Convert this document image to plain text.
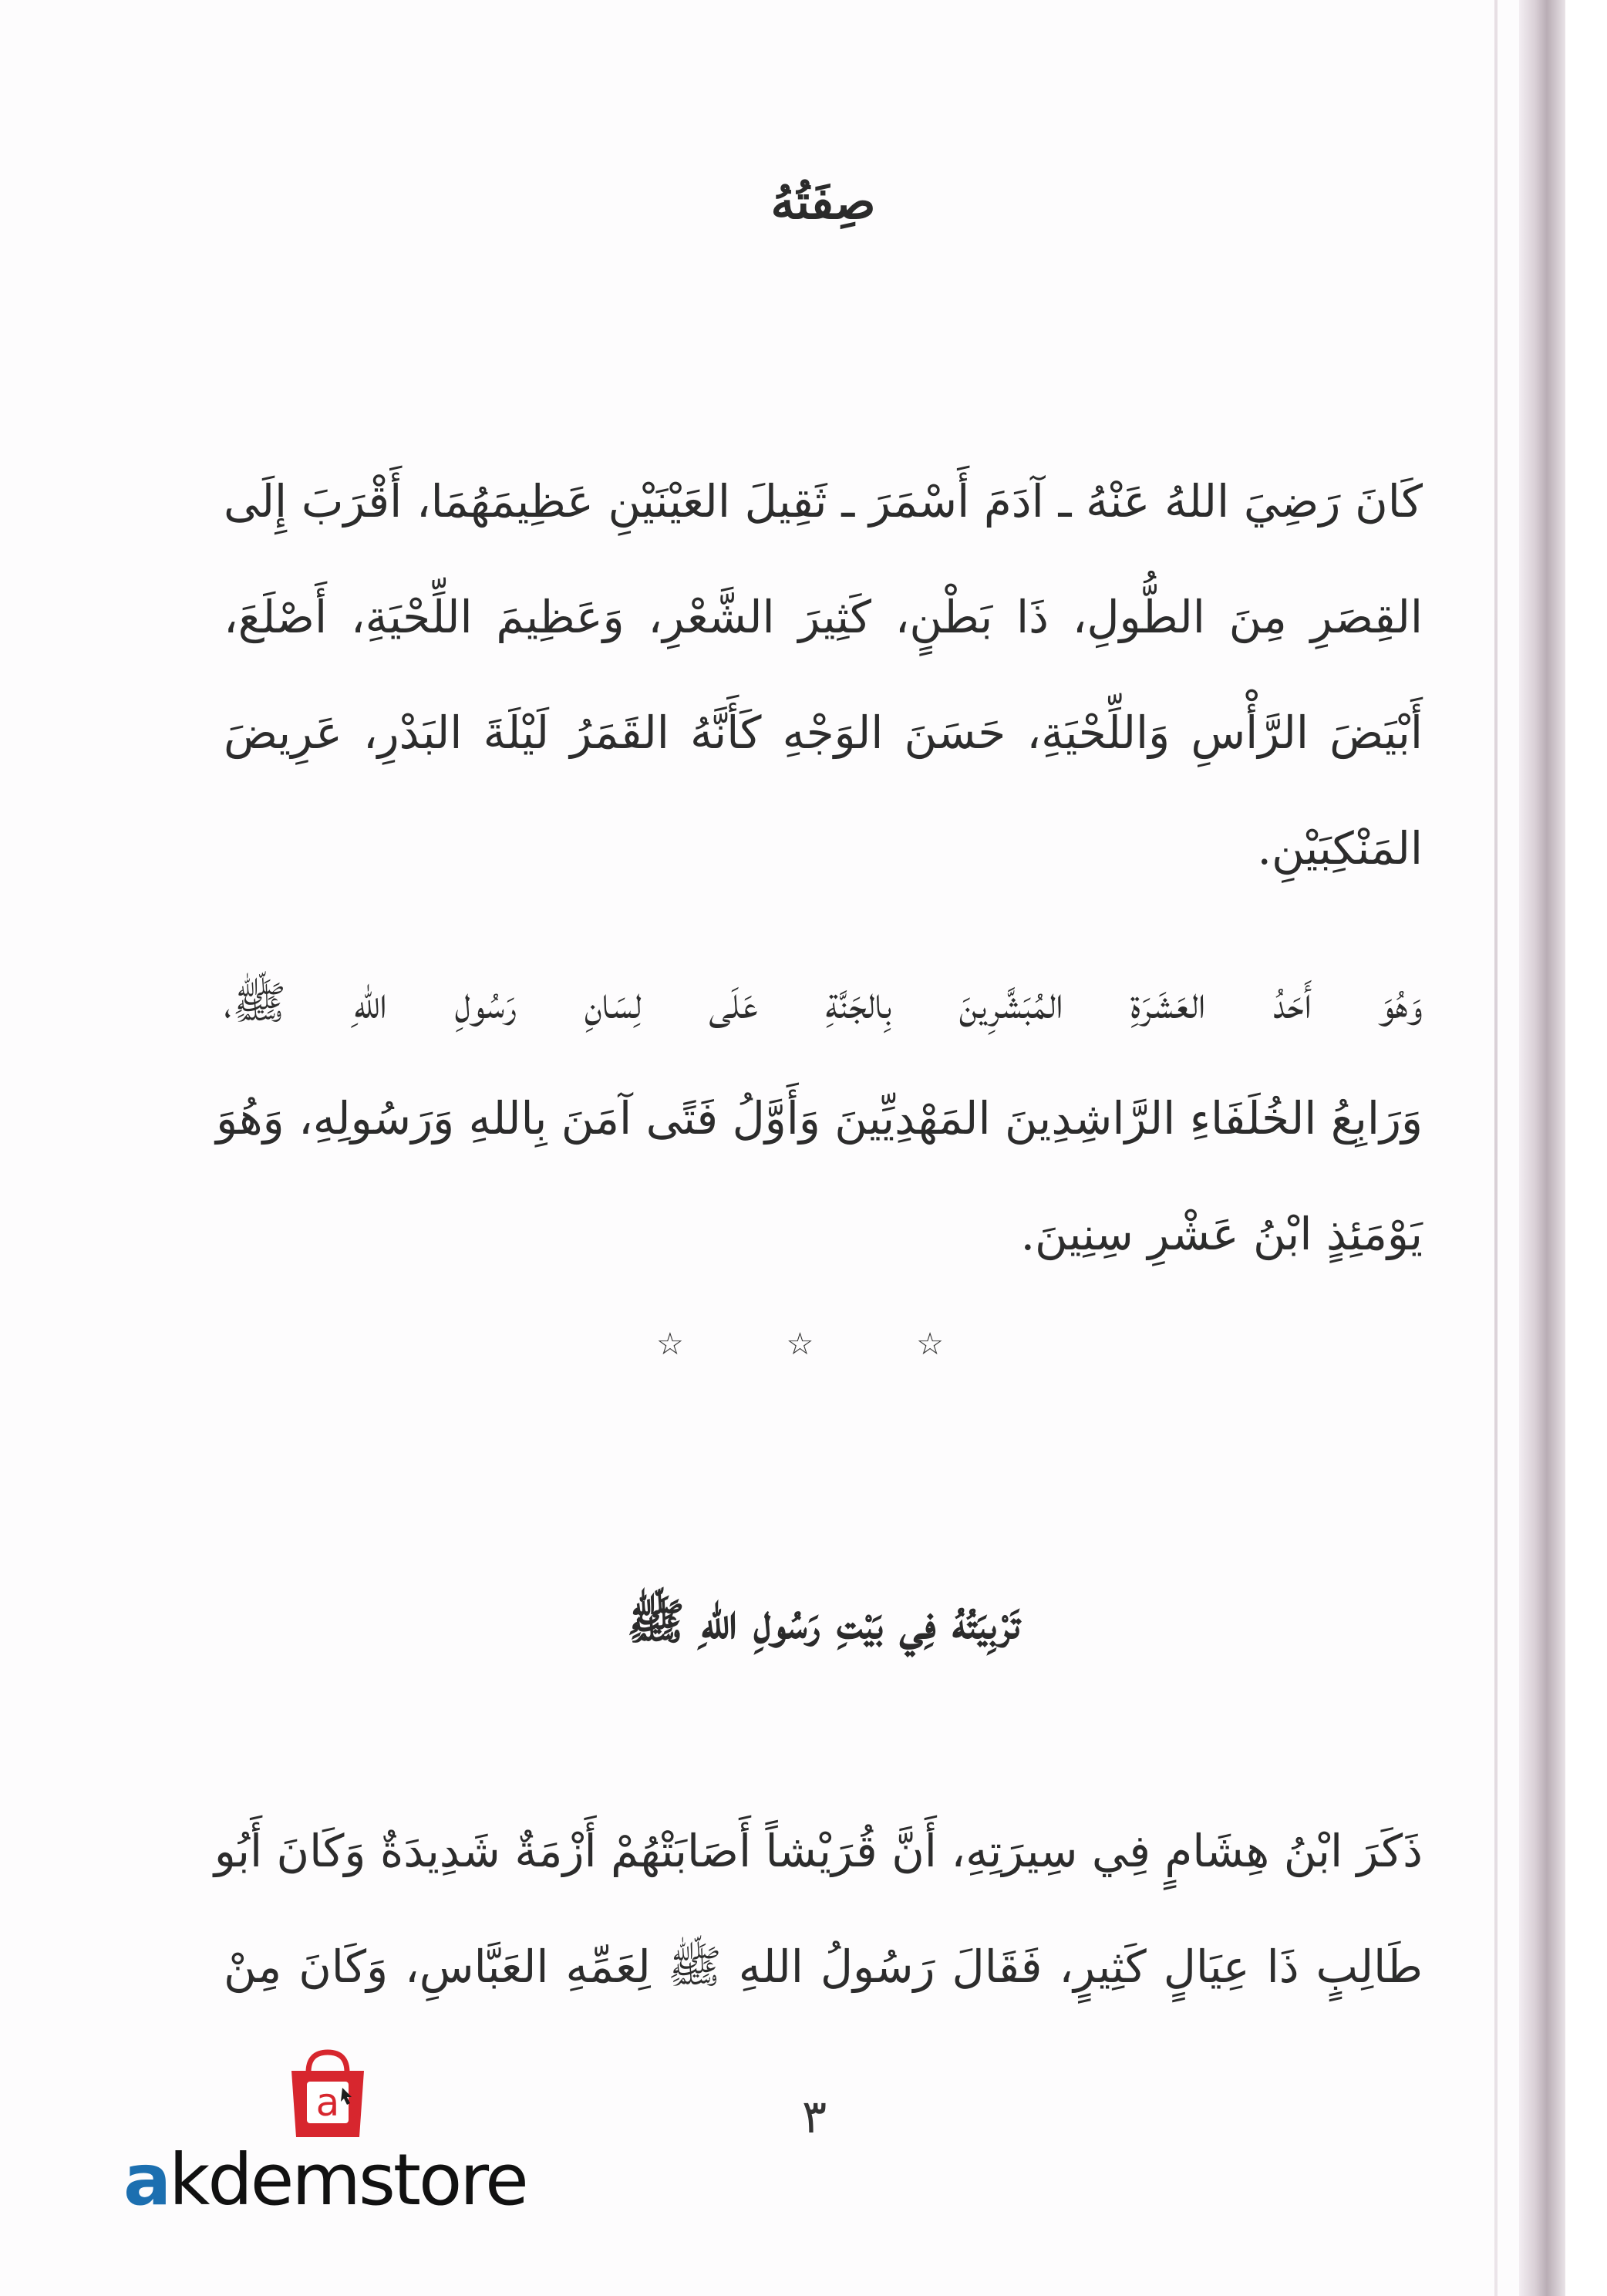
صِفَتُهُ
كَانَ رَضِيَ اللهُ عَنْهُ ـ آدَمَ أَسْمَرَ ـ ثَقِيلَ العَيْنَيْنِ عَظِيمَهُمَا، أَقْرَبَ إِلَى
القِصَرِ مِنَ الطُّولِ، ذَا بَطْنٍ، كَثِيرَ الشَّعْرِ، وَعَظِيمَ اللِّحْيَةِ، أَصْلَعَ،
أَبْيَضَ الرَّأْسِ وَاللِّحْيَةِ، حَسَنَ الوَجْهِ كَأَنَّهُ القَمَرُ لَيْلَةَ البَدْرِ، عَرِيضَ
المَنْكِبَيْنِ.
وَهُوَ أَحَدُ العَشَرَةِ المُبَشَّرِينَ بِالجَنَّةِ عَلَى لِسَانِ رَسُولِ اللهِ ﷺ،
وَرَابِعُ الخُلَفَاءِ الرَّاشِدِينَ المَهْدِيِّينَ وَأَوَّلُ فَتًى آمَنَ بِاللهِ وَرَسُولِهِ، وَهُوَ
يَوْمَئِذٍ ابْنُ عَشْرِ سِنِينَ.
☆ ☆ ☆
تَرْبِيَتُهُ فِي بَيْتِ رَسُولِ اللهِ ﷺ
ذَكَرَ ابْنُ هِشَامٍ فِي سِيرَتِهِ، أَنَّ قُرَيْشاً أَصَابَتْهُمْ أَزْمَةٌ شَدِيدَةٌ وَكَانَ أَبُو
طَالِبٍ ذَا عِيَالٍ كَثِيرٍ، فَقَالَ رَسُولُ اللهِ ﷺ لِعَمِّهِ العَبَّاسِ، وَكَانَ مِنْ
٣
a
akdemstore
